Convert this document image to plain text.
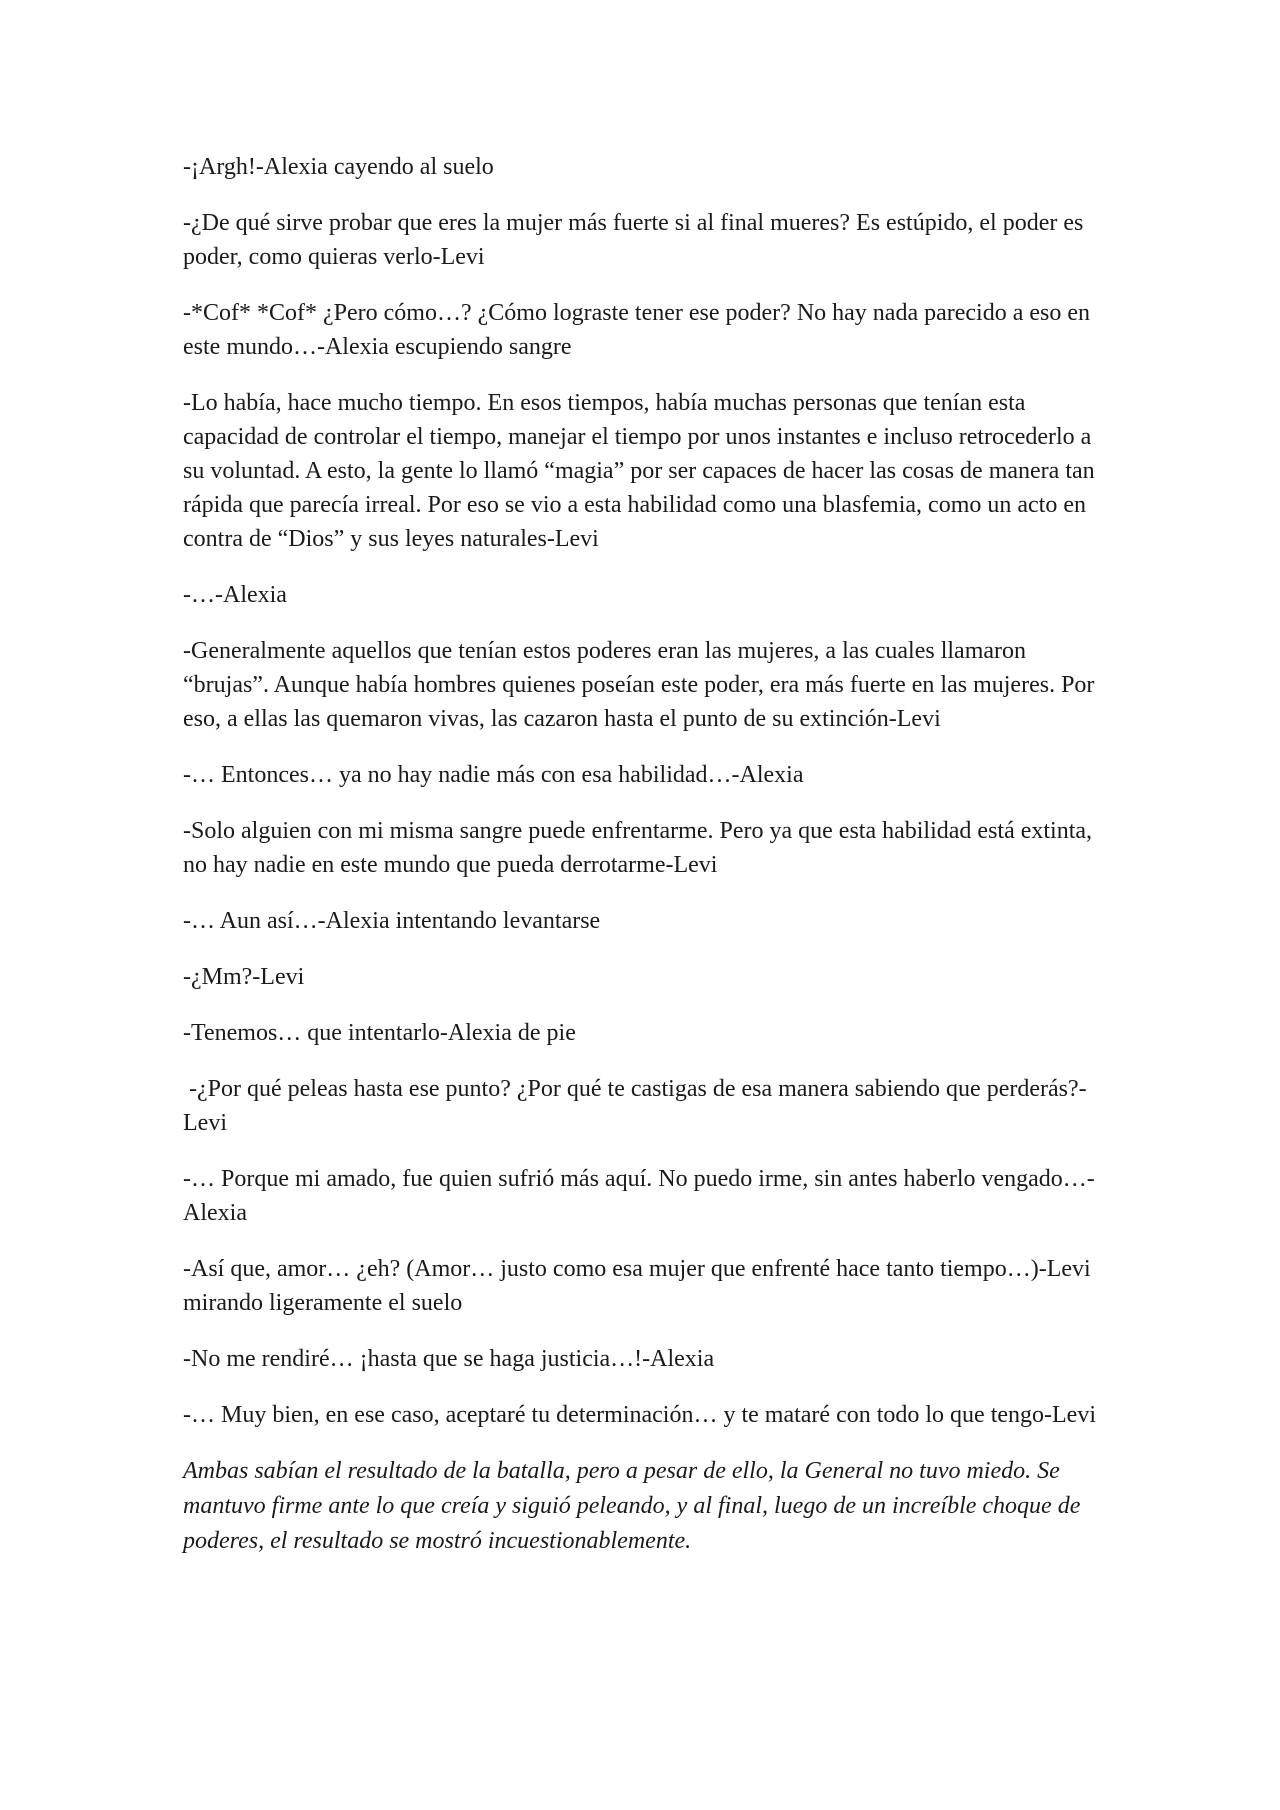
-¡Argh!-Alexia cayendo al suelo

-¿De qué sirve probar que eres la mujer más fuerte si al final mueres? Es estúpido, el poder es poder, como quieras verlo-Levi

-*Cof* *Cof* ¿Pero cómo…? ¿Cómo lograste tener ese poder? No hay nada parecido a eso en este mundo…-Alexia escupiendo sangre

-Lo había, hace mucho tiempo. En esos tiempos, había muchas personas que tenían esta capacidad de controlar el tiempo, manejar el tiempo por unos instantes e incluso retrocederlo a su voluntad. A esto, la gente lo llamó “magia” por ser capaces de hacer las cosas de manera tan rápida que parecía irreal. Por eso se vio a esta habilidad como una blasfemia, como un acto en contra de “Dios” y sus leyes naturales-Levi

-…-Alexia

-Generalmente aquellos que tenían estos poderes eran las mujeres, a las cuales llamaron “brujas”. Aunque había hombres quienes poseían este poder, era más fuerte en las mujeres. Por eso, a ellas las quemaron vivas, las cazaron hasta el punto de su extinción-Levi

-… Entonces… ya no hay nadie más con esa habilidad…-Alexia

-Solo alguien con mi misma sangre puede enfrentarme. Pero ya que esta habilidad está extinta, no hay nadie en este mundo que pueda derrotarme-Levi

-… Aun así…-Alexia intentando levantarse

-¿Mm?-Levi

-Tenemos… que intentarlo-Alexia de pie

-¿Por qué peleas hasta ese punto? ¿Por qué te castigas de esa manera sabiendo que perderás?-Levi

-… Porque mi amado, fue quien sufrió más aquí. No puedo irme, sin antes haberlo vengado…-Alexia

-Así que, amor… ¿eh? (Amor… justo como esa mujer que enfrenté hace tanto tiempo…)-Levi mirando ligeramente el suelo

-No me rendiré… ¡hasta que se haga justicia…!-Alexia

-… Muy bien, en ese caso, aceptaré tu determinación… y te mataré con todo lo que tengo-Levi

Ambas sabían el resultado de la batalla, pero a pesar de ello, la General no tuvo miedo. Se mantuvo firme ante lo que creía y siguió peleando, y al final, luego de un increíble choque de poderes, el resultado se mostró incuestionablemente.
